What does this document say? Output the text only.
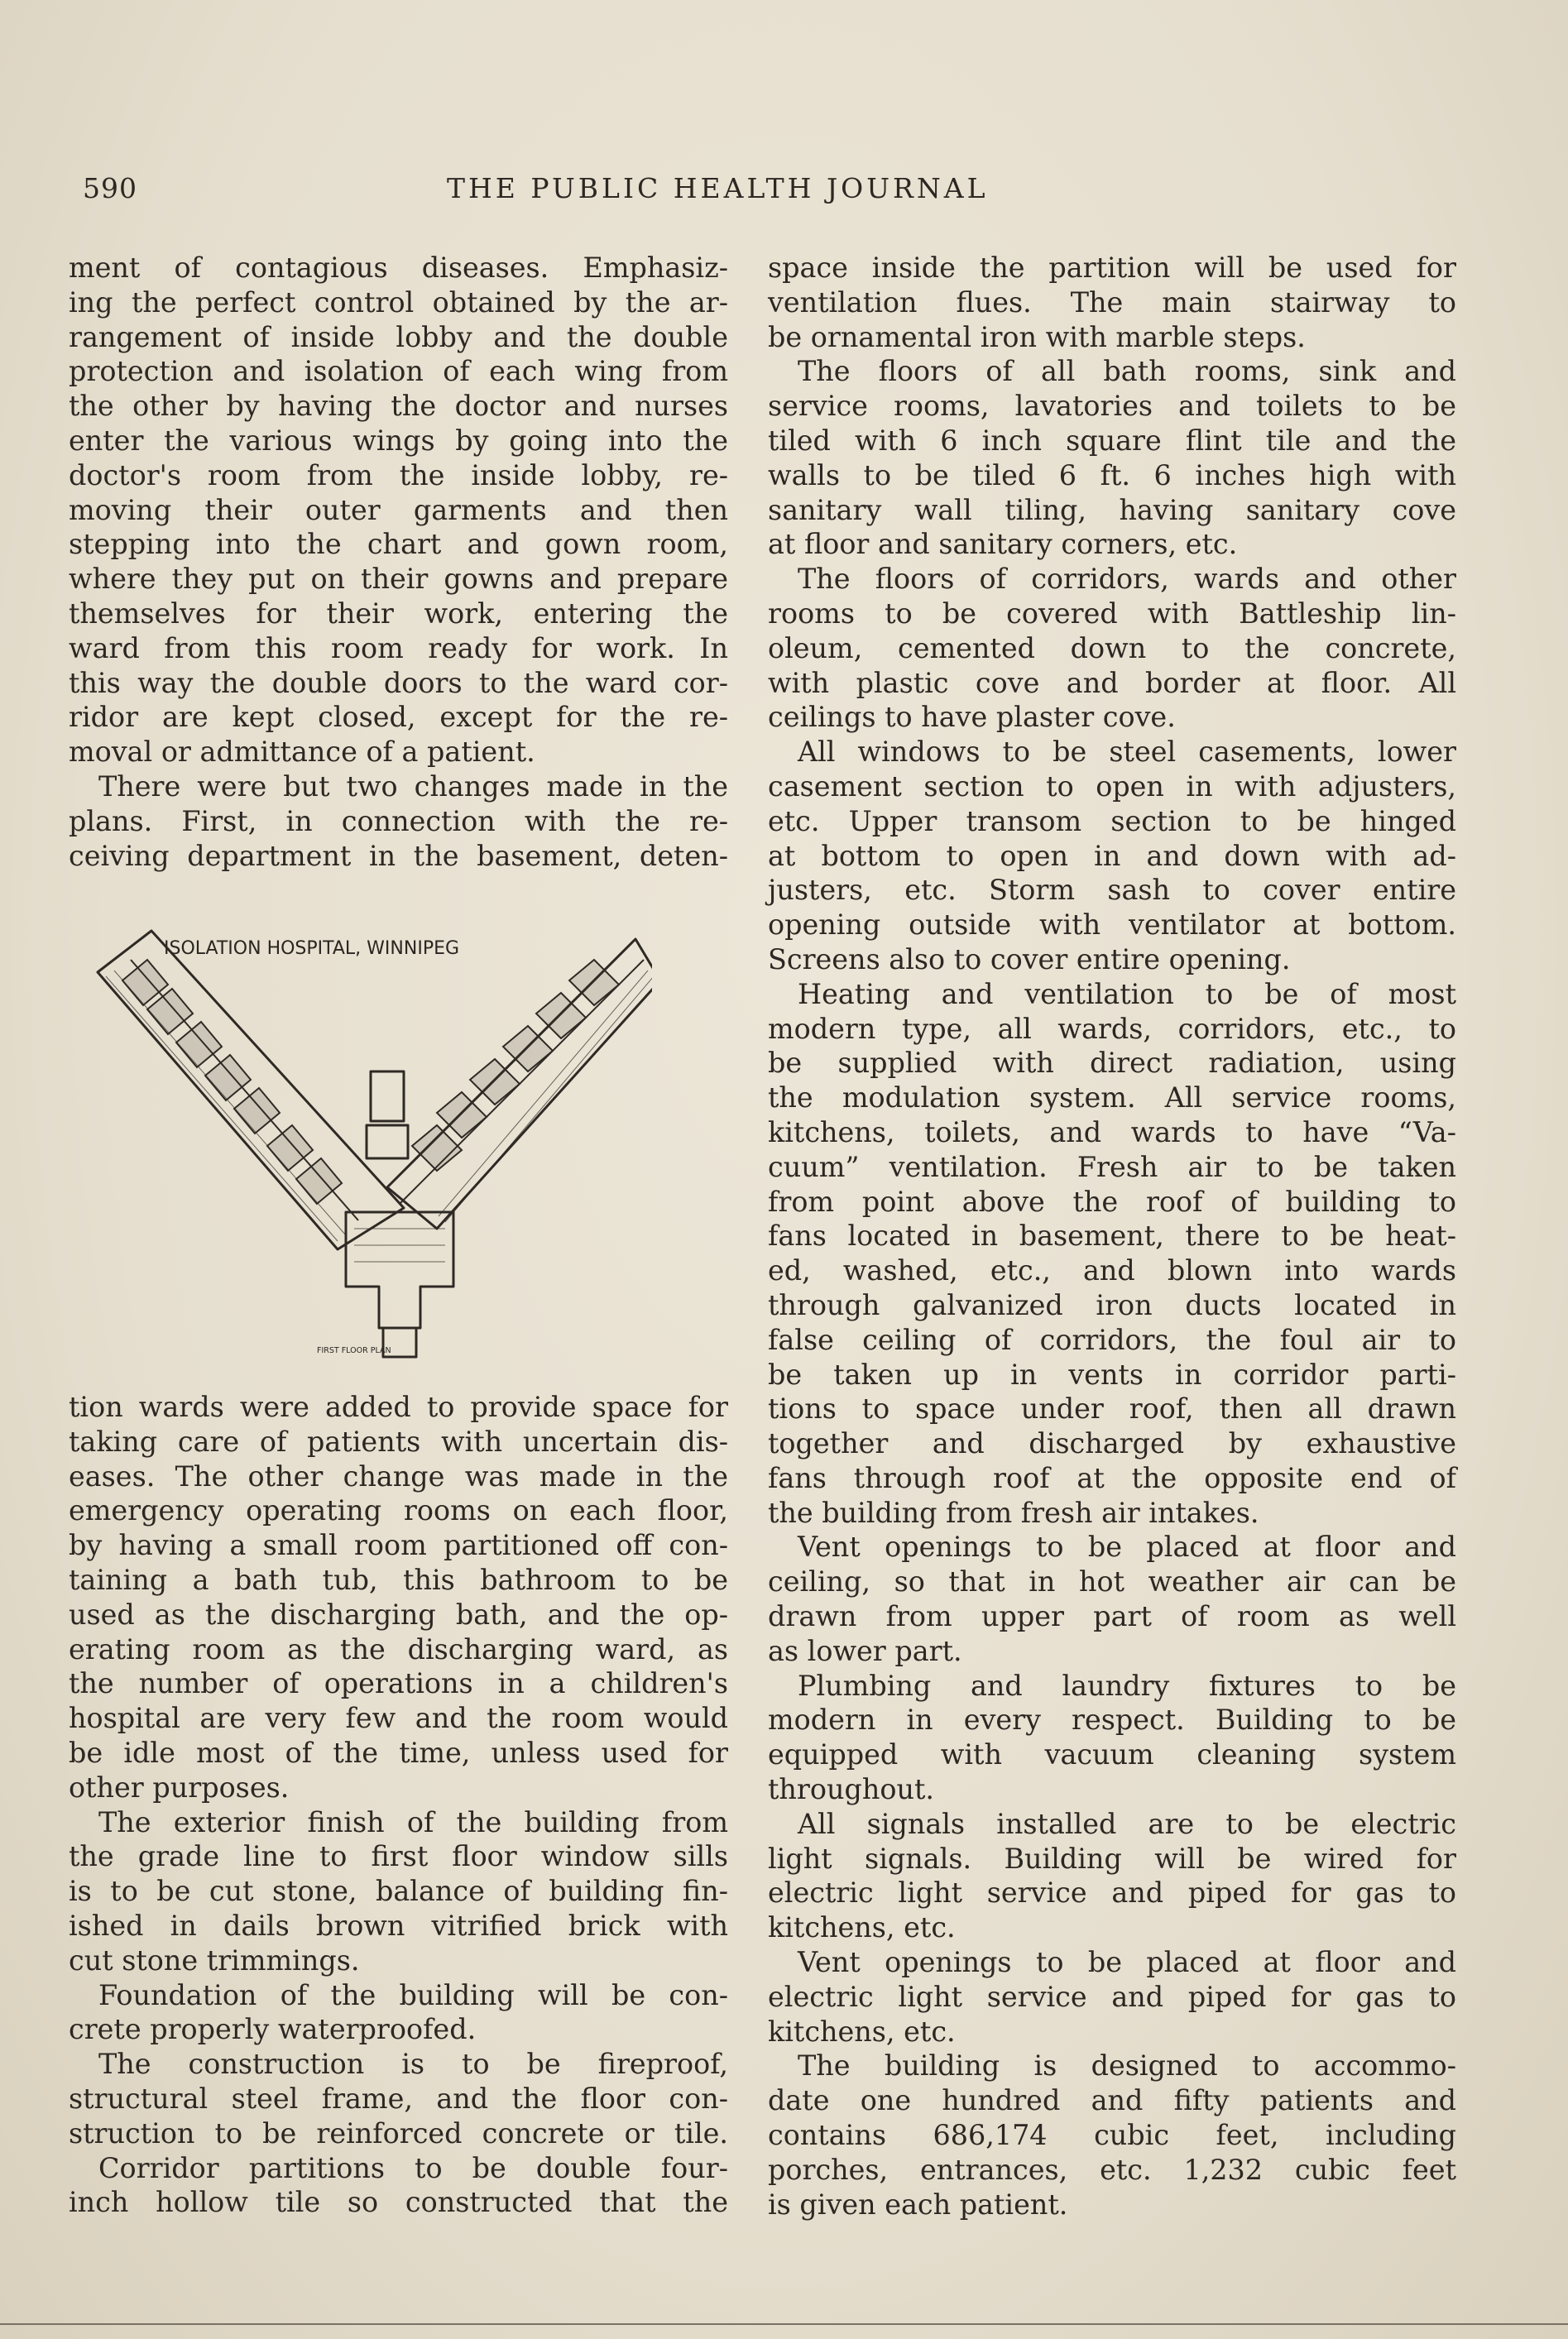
590	THE PUBLIC HEALTH JOURNAL
ment of contagious diseases. Emphasiz-
ing the perfect control obtained by the ar-
rangement of inside lobby and the double
protection and isolation of each wing from
the other by having the doctor and nurses
enter the various wings by going into the
doctor's room from the inside lobby, re-
moving their outer garments and then
stepping into the chart and gown room,
where they put on their gowns and prepare
themselves for their work, entering the
ward from this room ready for work. In
this way the double doors to the ward cor-
ridor are kept closed, except for the re-
moval or admittance of a patient.
There were but two changes made in the
plans. First, in connection with the re-
ceiving department in the basement, deten-
tion wards were added to provide space for
taking care of patients with uncertain dis-
eases. The other change was made in the
emergency operating rooms on each floor,
by having a small room partitioned off con-
taining a bath tub, this bathroom to be
used as the discharging bath, and the op-
erating room as the discharging ward, as
the number of operations in a children's
hospital are very few and the room would
be idle most of the time, unless used for
other purposes.
The exterior finish of the building from
the grade line to first floor window sills
is to be cut stone, balance of building fin-
ished in dails brown vitrified brick with
cut stone trimmings.
Foundation of the building will be con-
crete properly waterproofed.
The construction is to be fireproof,
structural steel frame, and the floor con-
struction to be reinforced concrete or tile.
Corridor partitions to be double four-
inch hollow tile so constructed that the
ISOLATION HOSPITAL, WINNIPEG
FIRST FLOOR PLAN
space inside the partition will be used for
ventilation flues. The main stairway to
be ornamental iron with marble steps.
The floors of all bath rooms, sink and
service rooms, lavatories and toilets to be
tiled with 6 inch square flint tile and the
walls to be tiled 6 ft. 6 inches high with
sanitary wall tiling, having sanitary cove
at floor and sanitary corners, etc.
The floors of corridors, wards and other
rooms to be covered with Battleship lin-
oleum, cemented down to the concrete,
with plastic cove and border at floor. All
ceilings to have plaster cove.
All windows to be steel casements, lower
casement section to open in with adjusters,
etc. Upper transom section to be hinged
at bottom to open in and down with ad-
justers, etc. Storm sash to cover entire
opening outside with ventilator at bottom.
Screens also to cover entire opening.
Heating and ventilation to be of most
modern type, all wards, corridors, etc., to
be supplied with direct radiation, using
the modulation system. All service rooms,
kitchens, toilets, and wards to have “Va-
cuum” ventilation. Fresh air to be taken
from point above the roof of building to
fans located in basement, there to be heat-
ed, washed, etc., and blown into wards
through galvanized iron ducts located in
false ceiling of corridors, the foul air to
be taken up in vents in corridor parti-
tions to space under roof, then all drawn
together and discharged by exhaustive
fans through roof at the opposite end of
the building from fresh air intakes.
Vent openings to be placed at floor and
ceiling, so that in hot weather air can be
drawn from upper part of room as well
as lower part.
Plumbing and laundry fixtures to be
modern in every respect. Building to be
equipped with vacuum cleaning system
throughout.
All signals installed are to be electric
light signals. Building will be wired for
electric light service and piped for gas to
kitchens, etc.
Vent openings to be placed at floor and
electric light service and piped for gas to
kitchens, etc.
The building is designed to accommo-
date one hundred and fifty patients and
contains 686,174 cubic feet, including
porches, entrances, etc. 1,232 cubic feet
is given each patient.
